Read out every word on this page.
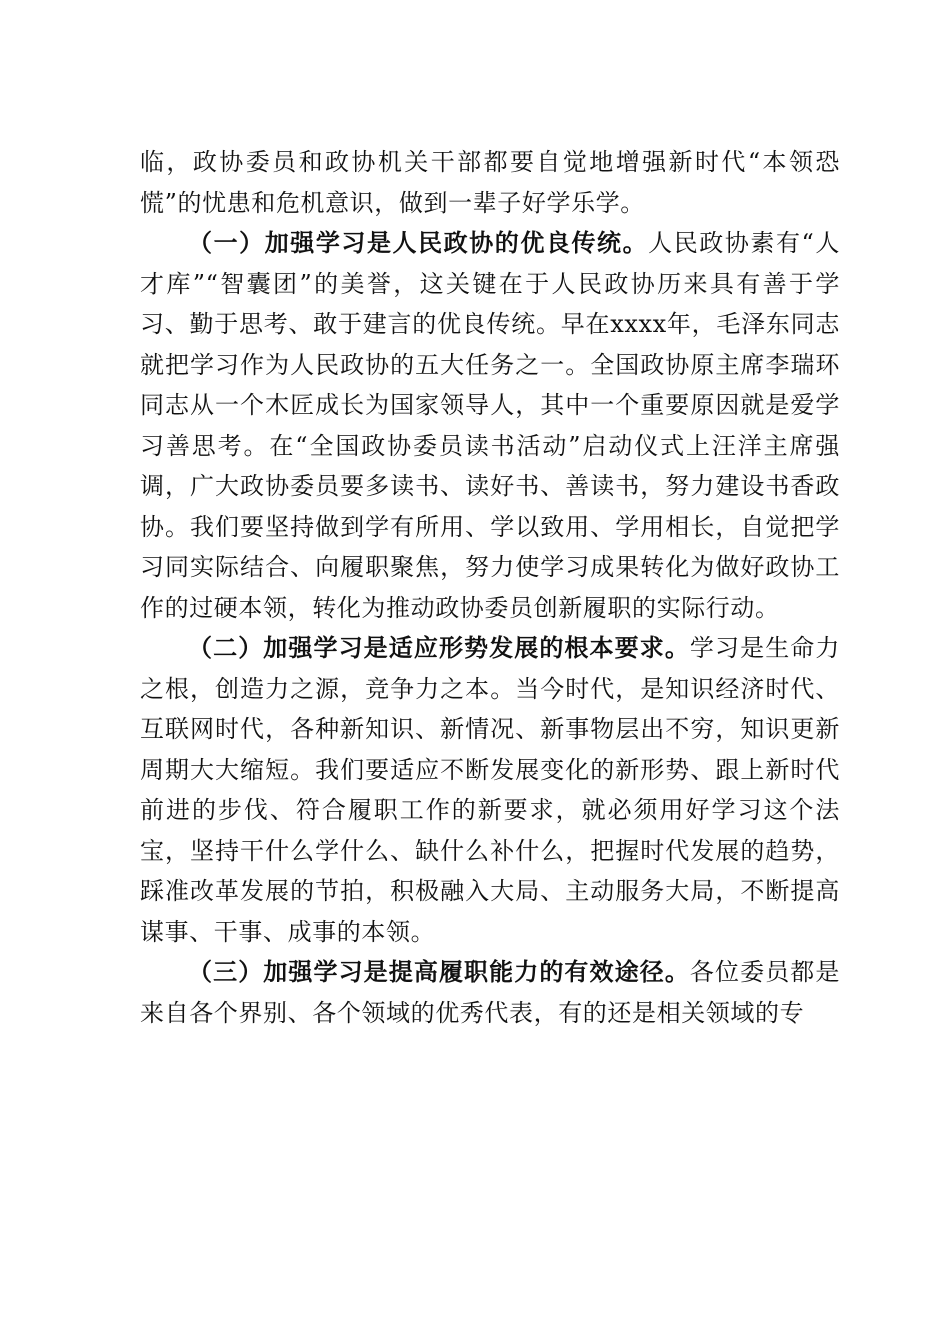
临，政协委员和政协机关干部都要自觉地增强新时代“本领恐慌”的忧患和危机意识，做到一辈子好学乐学。

（一）加强学习是人民政协的优良传统。人民政协素有“人才库”“智囊团”的美誉，这关键在于人民政协历来具有善于学习、勤于思考、敢于建言的优良传统。早在xxxx年，毛泽东同志就把学习作为人民政协的五大任务之一。全国政协原主席李瑞环同志从一个木匠成长为国家领导人，其中一个重要原因就是爱学习善思考。在“全国政协委员读书活动”启动仪式上汪洋主席强调，广大政协委员要多读书、读好书、善读书，努力建设书香政协。我们要坚持做到学有所用、学以致用、学用相长，自觉把学习同实际结合、向履职聚焦，努力使学习成果转化为做好政协工作的过硬本领，转化为推动政协委员创新履职的实际行动。

（二）加强学习是适应形势发展的根本要求。学习是生命力之根，创造力之源，竞争力之本。当今时代，是知识经济时代、互联网时代，各种新知识、新情况、新事物层出不穷，知识更新周期大大缩短。我们要适应不断发展变化的新形势、跟上新时代前进的步伐、符合履职工作的新要求，就必须用好学习这个法宝，坚持干什么学什么、缺什么补什么，把握时代发展的趋势，踩准改革发展的节拍，积极融入大局、主动服务大局，不断提高谋事、干事、成事的本领。

（三）加强学习是提高履职能力的有效途径。各位委员都是来自各个界别、各个领域的优秀代表，有的还是相关领域的专
